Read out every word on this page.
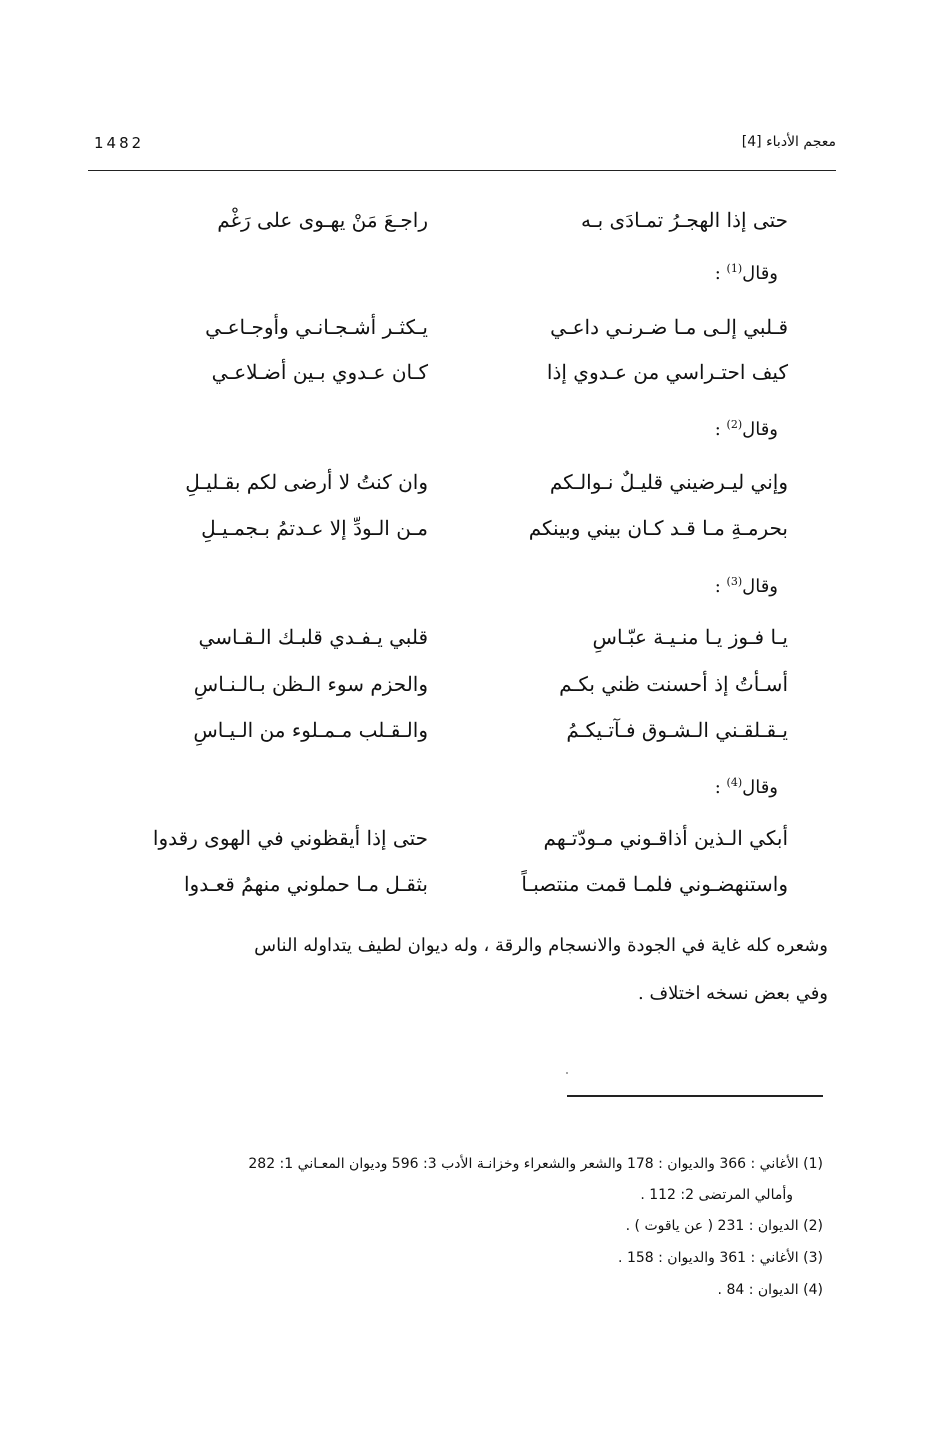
1482	معجم الأدباء [4]
حتى إذا الهجـرُ تمـادَى بـه
راجـعَ مَنْ يهـوى على رَغْم
وقال$^{(1)}$ :
قـلبي إلـى مـا ضـرنـي داعـي
يـكثـر أشـجـانـي وأوجـاعـي
كيف احتـراسي من عـدوي إذا
كـان عـدوي بـين أضـلاعـي
وقال$^{(2)}$ :
وإني ليـرضيني قليـلٌ نـوالـكم
وان كنتُ لا أرضى لكم بقـليـلِ
بحرمـةِ مـا قـد كـان بيني وبينكم
مـن الـودِّ إلا عـدتمُ بـجمـيـلِ
وقال$^{(3)}$ :
يـا فـوز يـا منـيـة عبّـاسِ
قلبي يـفـدي قلبـك الـقـاسي
أسـأتُ إذ أحسنت ظني بكـم
والحزم سوء الـظن بـالـنـاسِ
يـقـلقـني الـشـوق فـآتـيكـمُ
والـقـلب مـمـلوء من الـيـاسِ
وقال$^{(4)}$ :
أبكي الـذين أذاقـوني مـودّتـهم
حتى إذا أيقظوني في الهوى رقدوا
واستنهضـوني فلمـا قمت منتصبـاً
بثقـل مـا حملوني منهمُ قعـدوا
وشعره كله غاية في الجودة والانسجام والرقة ، وله ديوان لطيف يتداوله الناس
وفي بعض نسخه اختلاف .
(1) الأغاني : 366 والديوان : 178 والشعر والشعراء وخزانـة الأدب 3: 596 وديوان المعـاني 1: 282
وأمالي المرتضى 2: 112 .
(2) الديوان : 231 ( عن ياقوت ) .
(3) الأغاني : 361 والديوان : 158 .
(4) الديوان : 84 .
